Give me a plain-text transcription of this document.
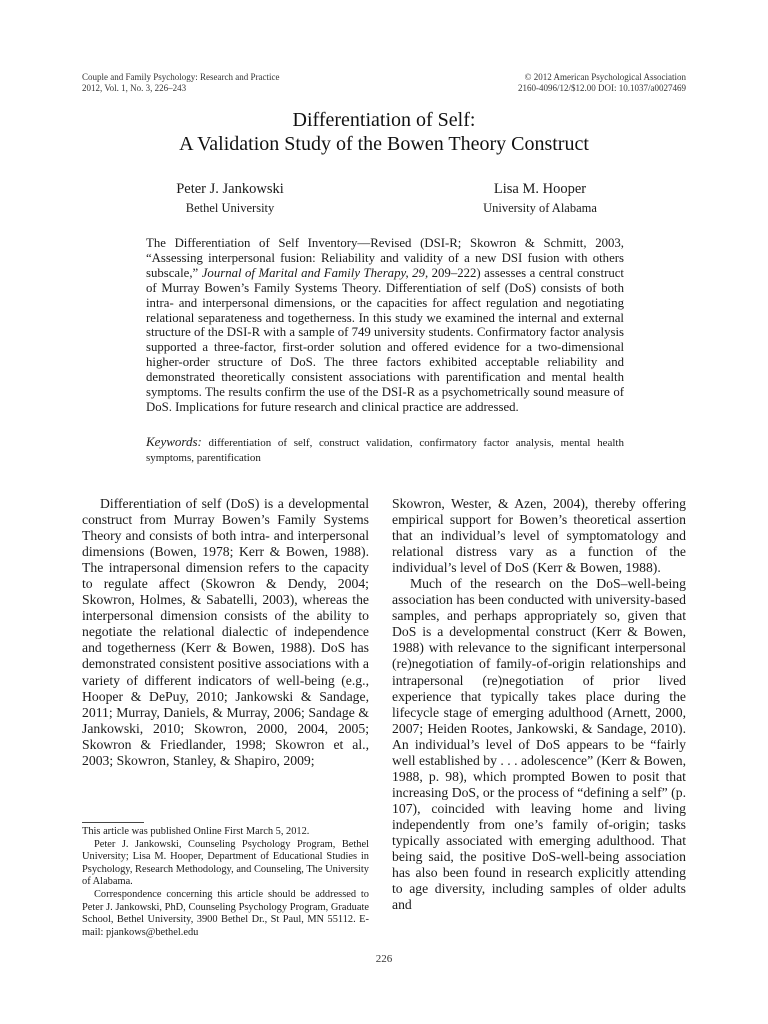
Couple and Family Psychology: Research and Practice
2012, Vol. 1, No. 3, 226–243
© 2012 American Psychological Association
2160-4096/12/$12.00 DOI: 10.1037/a0027469
Differentiation of Self:
A Validation Study of the Bowen Theory Construct
Peter J. Jankowski
Bethel University
Lisa M. Hooper
University of Alabama
The Differentiation of Self Inventory—Revised (DSI-R; Skowron & Schmitt, 2003, “Assessing interpersonal fusion: Reliability and validity of a new DSI fusion with others subscale,” Journal of Marital and Family Therapy, 29, 209–222) assesses a central construct of Murray Bowen’s Family Systems Theory. Differentiation of self (DoS) consists of both intra- and interpersonal dimensions, or the capacities for affect regulation and negotiating relational separateness and togetherness. In this study we examined the internal and external structure of the DSI-R with a sample of 749 university students. Confirmatory factor analysis supported a three-factor, first-order solution and offered evidence for a two-dimensional higher-order structure of DoS. The three factors exhibited acceptable reliability and demonstrated theoretically consistent associations with parentification and mental health symptoms. The results confirm the use of the DSI-R as a psychometrically sound measure of DoS. Implications for future research and clinical practice are addressed.
Keywords: differentiation of self, construct validation, confirmatory factor analysis, mental health symptoms, parentification

Differentiation of self (DoS) is a developmental construct from Murray Bowen’s Family Systems Theory and consists of both intra- and interpersonal dimensions (Bowen, 1978; Kerr & Bowen, 1988). The intrapersonal dimension refers to the capacity to regulate affect (Skowron & Dendy, 2004; Skowron, Holmes, & Sabatelli, 2003), whereas the interpersonal dimension consists of the ability to negotiate the relational dialectic of independence and togetherness (Kerr & Bowen, 1988). DoS has demonstrated consistent positive associations with a variety of different indicators of well-being (e.g., Hooper & DePuy, 2010; Jankowski & Sandage, 2011; Murray, Daniels, & Murray, 2006; Sandage & Jankowski, 2010; Skowron, 2000, 2004, 2005; Skowron & Friedlander, 1998; Skowron et al., 2003; Skowron, Stanley, & Shapiro, 2009;

Skowron, Wester, & Azen, 2004), thereby offering empirical support for Bowen’s theoretical assertion that an individual’s level of symptomatology and relational distress vary as a function of the individual’s level of DoS (Kerr & Bowen, 1988).

Much of the research on the DoS–well-being association has been conducted with university-based samples, and perhaps appropriately so, given that DoS is a developmental construct (Kerr & Bowen, 1988) with relevance to the significant interpersonal (re)negotiation of family-of-origin relationships and intrapersonal (re)negotiation of prior lived experience that typically takes place during the lifecycle stage of emerging adulthood (Arnett, 2000, 2007; Heiden Rootes, Jankowski, & Sandage, 2010). An individual’s level of DoS appears to be “fairly well established by . . . adolescence” (Kerr & Bowen, 1988, p. 98), which prompted Bowen to posit that increasing DoS, or the process of “defining a self” (p. 107), coincided with leaving home and living independently from one’s family of-origin; tasks typically associated with emerging adulthood. That being said, the positive DoS-well-being association has also been found in research explicitly attending to age diversity, including samples of older adults and

This article was published Online First March 5, 2012.

Peter J. Jankowski, Counseling Psychology Program, Bethel University; Lisa M. Hooper, Department of Educational Studies in Psychology, Research Methodology, and Counseling, The University of Alabama.

Correspondence concerning this article should be addressed to Peter J. Jankowski, PhD, Counseling Psychology Program, Graduate School, Bethel University, 3900 Bethel Dr., St Paul, MN 55112. E-mail: pjankows@bethel.edu

226
